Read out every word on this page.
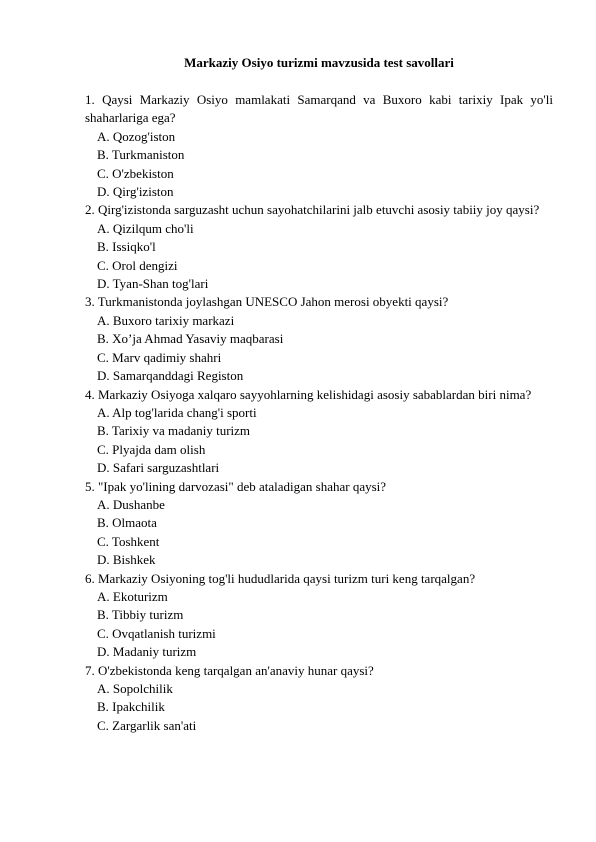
Markaziy Osiyo turizmi mavzusida test savollari

1. Qaysi Markaziy Osiyo mamlakati Samarqand va Buxoro kabi tarixiy Ipak yo'li shaharlariga ega?

A. Qozog'iston
B. Turkmaniston
C. O'zbekiston
D. Qirg'iziston

2. Qirg'izistonda sarguzasht uchun sayohatchilarini jalb etuvchi asosiy tabiiy joy qaysi?

A. Qizilqum cho'li
B. Issiqko'l
C. Orol dengizi
D. Tyan-Shan tog'lari

3. Turkmanistonda joylashgan UNESCO Jahon merosi obyekti qaysi?

A. Buxoro tarixiy markazi
B. Xo’ja Ahmad Yasaviy maqbarasi
C. Marv qadimiy shahri
D. Samarqanddagi Registon

4. Markaziy Osiyoga xalqaro sayyohlarning kelishidagi asosiy sabablardan biri nima?

A. Alp tog'larida chang'i sporti
B. Tarixiy va madaniy turizm
C. Plyajda dam olish
D. Safari sarguzashtlari

5. "Ipak yo'lining darvozasi" deb ataladigan shahar qaysi?

A. Dushanbe
B. Olmaota
C. Toshkent
D. Bishkek

6. Markaziy Osiyoning tog'li hududlarida qaysi turizm turi keng tarqalgan?

A. Ekoturizm
B. Tibbiy turizm
C. Ovqatlanish turizmi
D. Madaniy turizm

7. O'zbekistonda keng tarqalgan an'anaviy hunar qaysi?

A. Sopolchilik
B. Ipakchilik
C. Zargarlik san'ati
